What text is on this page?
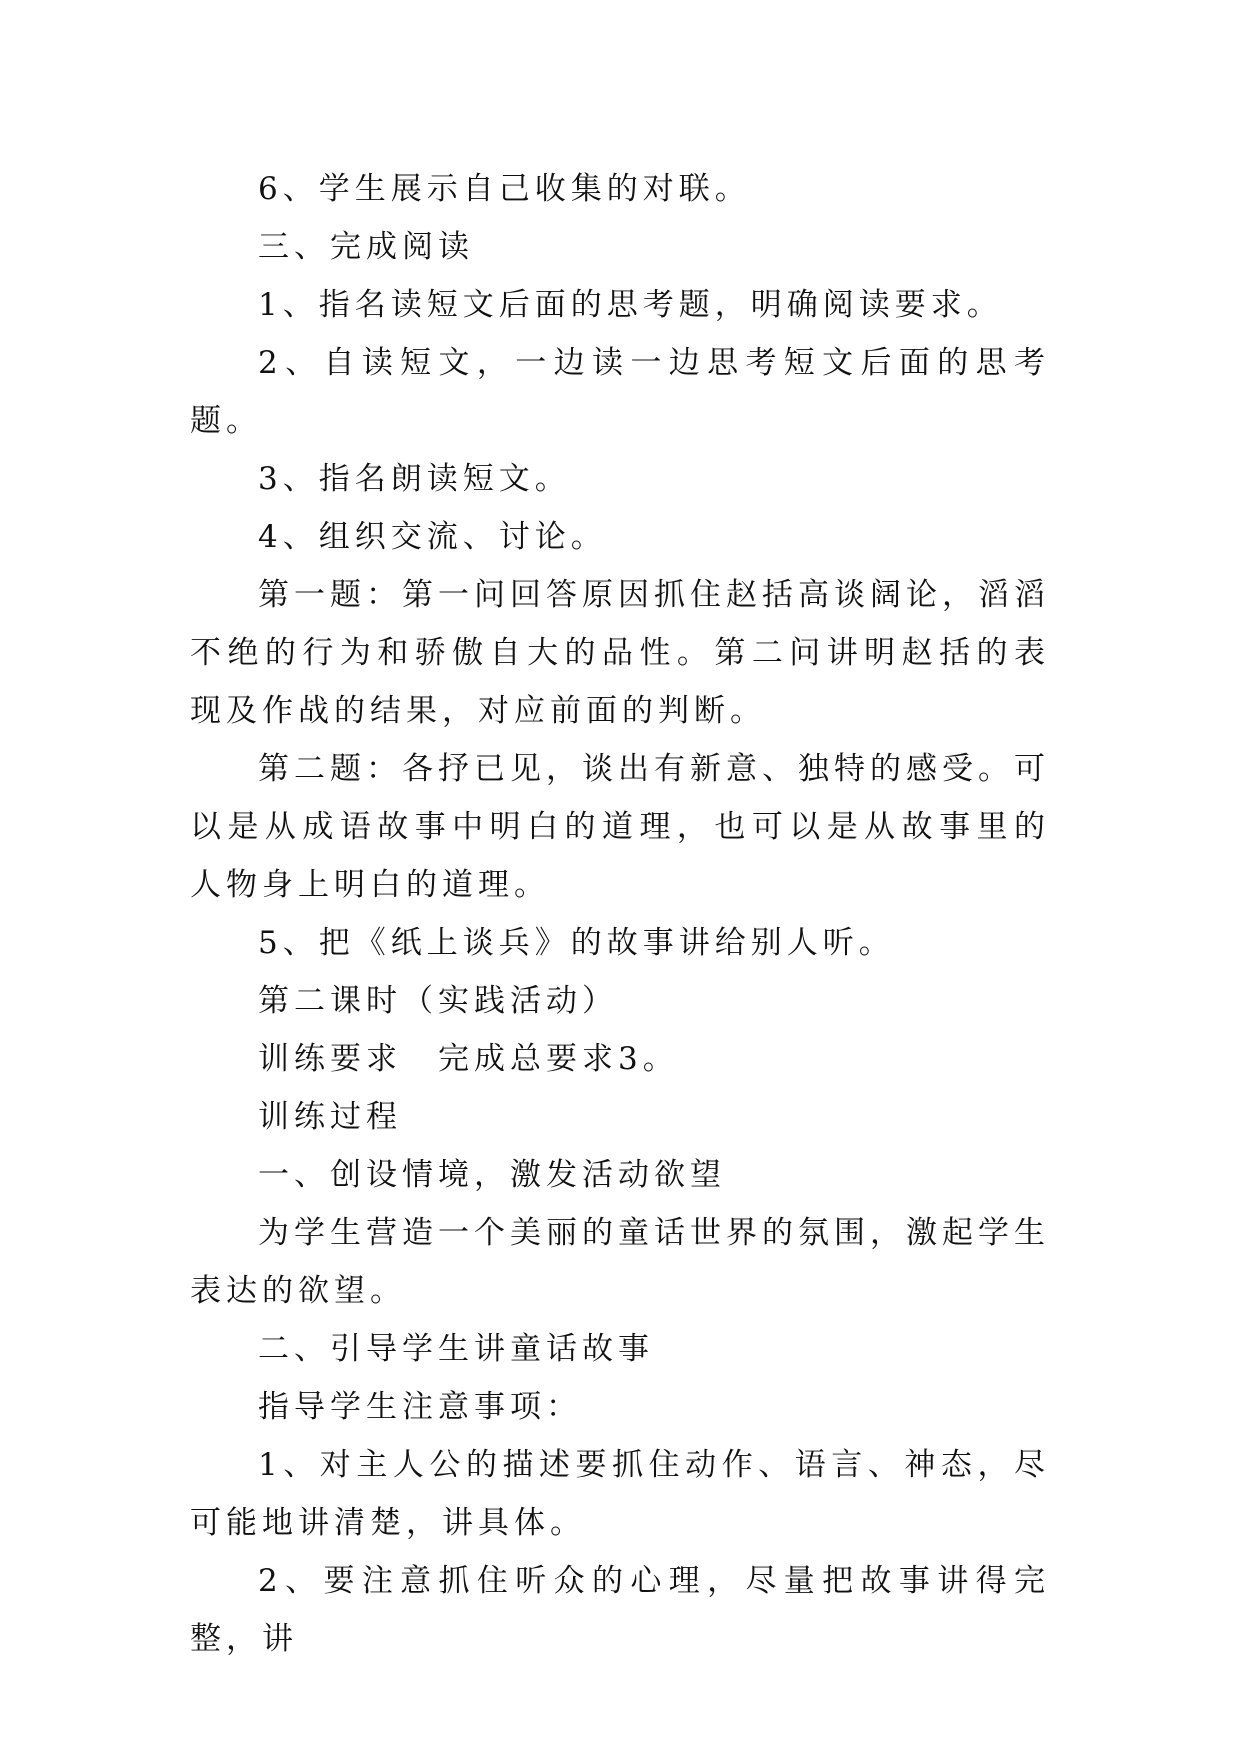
6、学生展示自己收集的对联。

三、完成阅读

1、指名读短文后面的思考题，明确阅读要求。

2、自读短文，一边读一边思考短文后面的思考题。

3、指名朗读短文。

4、组织交流、讨论。

第一题：第一问回答原因抓住赵括高谈阔论，滔滔不绝的行为和骄傲自大的品性。第二问讲明赵括的表现及作战的结果，对应前面的判断。

第二题：各抒已见，谈出有新意、独特的感受。可以是从成语故事中明白的道理，也可以是从故事里的人物身上明白的道理。

5、把《纸上谈兵》的故事讲给别人听。

第二课时（实践活动）

训练要求　完成总要求3。

训练过程

一、创设情境，激发活动欲望

为学生营造一个美丽的童话世界的氛围，激起学生表达的欲望。

二、引导学生讲童话故事

指导学生注意事项：

1、对主人公的描述要抓住动作、语言、神态，尽可能地讲清楚，讲具体。

2、要注意抓住听众的心理，尽量把故事讲得完整，讲
